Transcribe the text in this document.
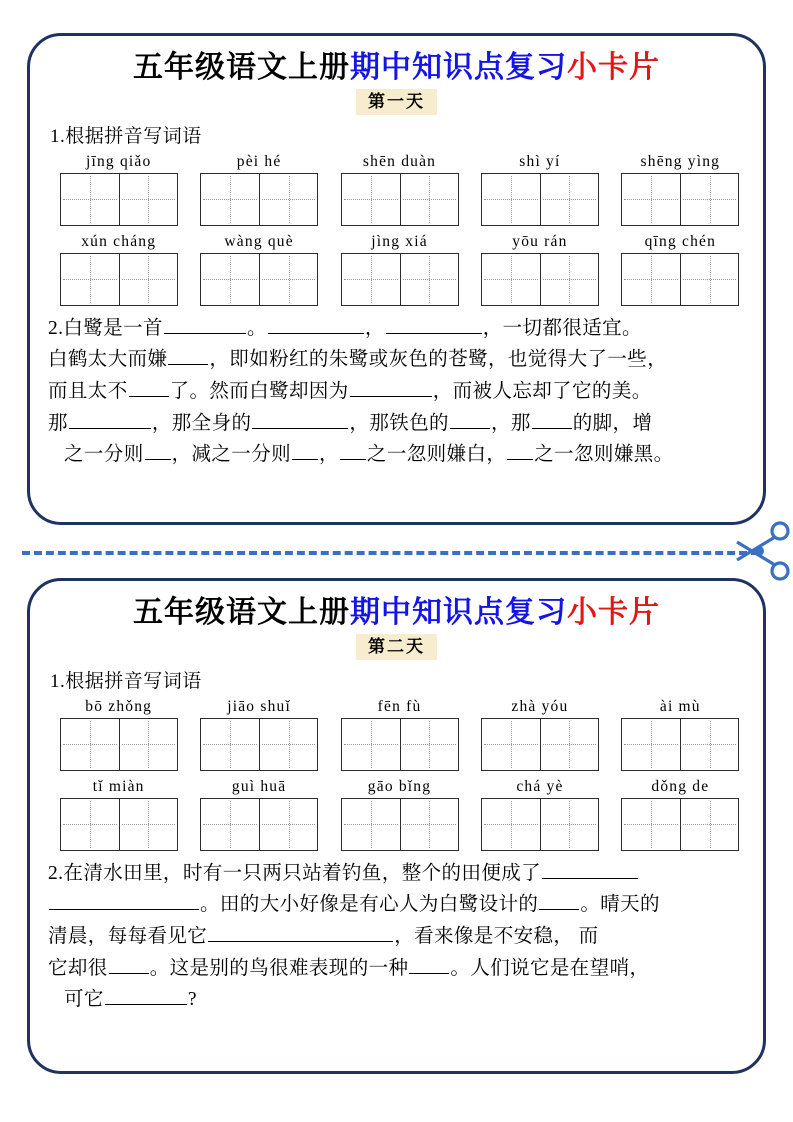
五年级语文上册期中知识点复习小卡片
第一天
1.根据拼音写词语
jīng qiǎo	pèi hé	shēn duàn	shì yí	shēng yìng
xún cháng	wàng què	jìng xiá	yōu rán	qīng chén
2.白鹭是一首	。	，	，一切都很适宜。
白鹤太大而嫌 ，即如粉红的朱鹭或灰色的苍鹭，也觉得大了一些，
而且太不 了。然而白鹭却因为	，而被人忘却了它的美。
那	，那全身的	，那铁色的 ，那 的脚，增
之一分则 ，减之一分则 ， 之一忽则嫌白， 之一忽则嫌黑。
五年级语文上册期中知识点复习小卡片
第二天
1.根据拼音写词语
bō zhǒng	jiāo shuǐ	fēn fù	zhà yóu	ài mù
tǐ miàn	guì huā	gāo bǐng	chá yè	dǒng de
2.在清水田里，时有一只两只站着钓鱼，整个的田便成了
。田的大小好像是有心人为白鹭设计的 。晴天的
清晨，每每看见它	，看来像是不安稳， 而
它却很 。这是别的鸟很难表现的一种 。人们说它是在望哨，
可它	?
